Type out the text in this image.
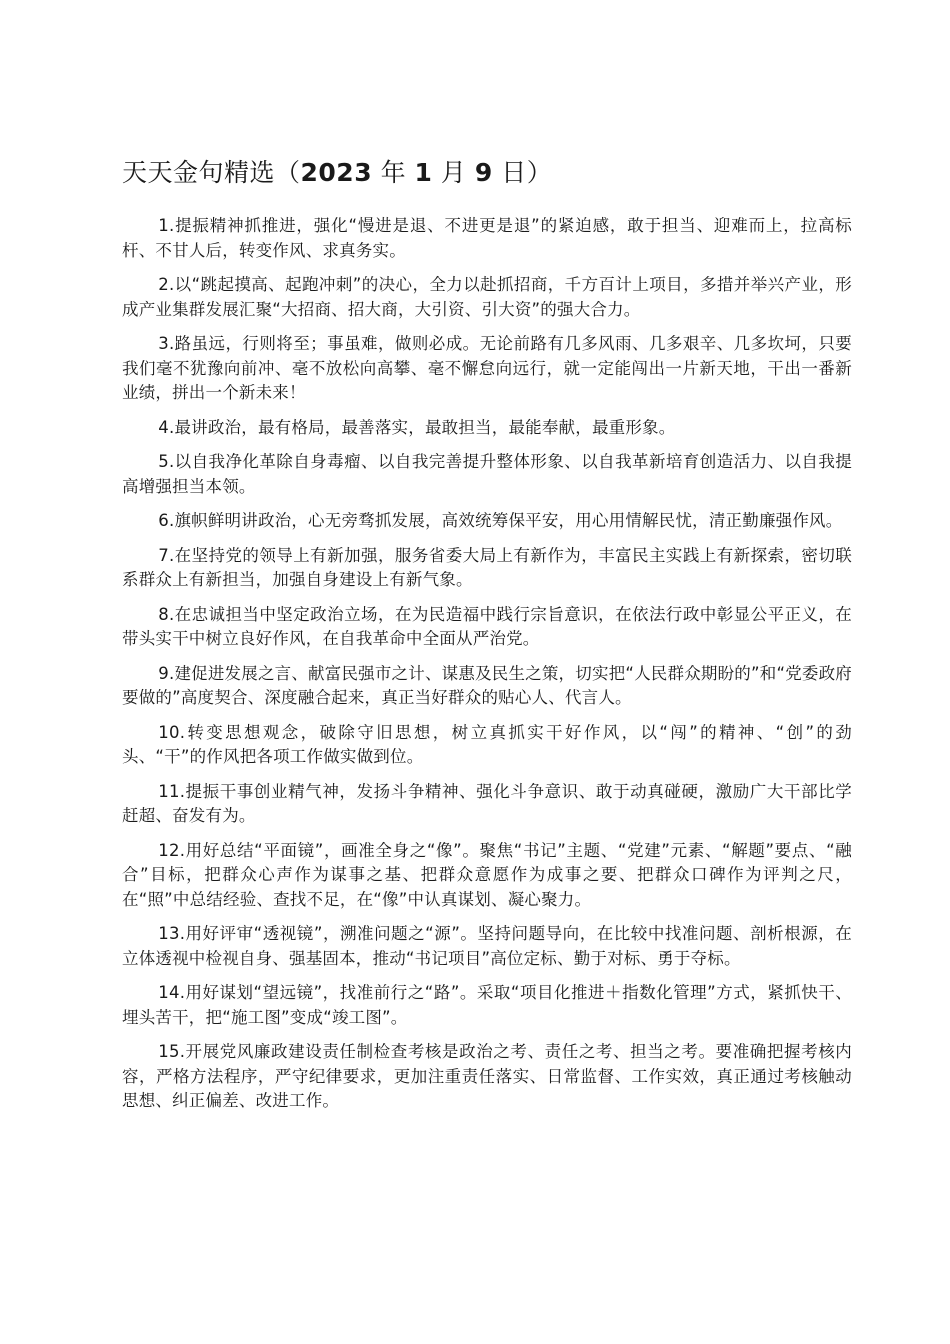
天天金句精选（2023 年 1 月 9 日）

1.提振精神抓推进，强化“慢进是退、不进更是退”的紧迫感，敢于担当、迎难而上，拉高标杆、不甘人后，转变作风、求真务实。

2.以“跳起摸高、起跑冲刺”的决心，全力以赴抓招商，千方百计上项目，多措并举兴产业，形成产业集群发展汇聚“大招商、招大商，大引资、引大资”的强大合力。

3.路虽远，行则将至；事虽难，做则必成。无论前路有几多风雨、几多艰辛、几多坎坷，只要我们毫不犹豫向前冲、毫不放松向高攀、毫不懈怠向远行，就一定能闯出一片新天地，干出一番新业绩，拼出一个新未来！

4.最讲政治，最有格局，最善落实，最敢担当，最能奉献，最重形象。

5.以自我净化革除自身毒瘤、以自我完善提升整体形象、以自我革新培育创造活力、以自我提高增强担当本领。

6.旗帜鲜明讲政治，心无旁骛抓发展，高效统筹保平安，用心用情解民忧，清正勤廉强作风。

7.在坚持党的领导上有新加强，服务省委大局上有新作为，丰富民主实践上有新探索，密切联系群众上有新担当，加强自身建设上有新气象。

8.在忠诚担当中坚定政治立场，在为民造福中践行宗旨意识，在依法行政中彰显公平正义，在带头实干中树立良好作风，在自我革命中全面从严治党。

9.建促进发展之言、献富民强市之计、谋惠及民生之策，切实把“人民群众期盼的”和“党委政府要做的”高度契合、深度融合起来，真正当好群众的贴心人、代言人。

10.转变思想观念，破除守旧思想，树立真抓实干好作风，以“闯”的精神、“创”的劲头、“干”的作风把各项工作做实做到位。

11.提振干事创业精气神，发扬斗争精神、强化斗争意识、敢于动真碰硬，激励广大干部比学赶超、奋发有为。

12.用好总结“平面镜”，画准全身之“像”。聚焦“书记”主题、“党建”元素、“解题”要点、“融合”目标，把群众心声作为谋事之基、把群众意愿作为成事之要、把群众口碑作为评判之尺，在“照”中总结经验、查找不足，在“像”中认真谋划、凝心聚力。

13.用好评审“透视镜”，溯准问题之“源”。坚持问题导向，在比较中找准问题、剖析根源，在立体透视中检视自身、强基固本，推动“书记项目”高位定标、勤于对标、勇于夺标。

14.用好谋划“望远镜”，找准前行之“路”。采取“项目化推进＋指数化管理”方式，紧抓快干、埋头苦干，把“施工图”变成“竣工图”。

15.开展党风廉政建设责任制检查考核是政治之考、责任之考、担当之考。要准确把握考核内容，严格方法程序，严守纪律要求，更加注重责任落实、日常监督、工作实效，真正通过考核触动思想、纠正偏差、改进工作。
